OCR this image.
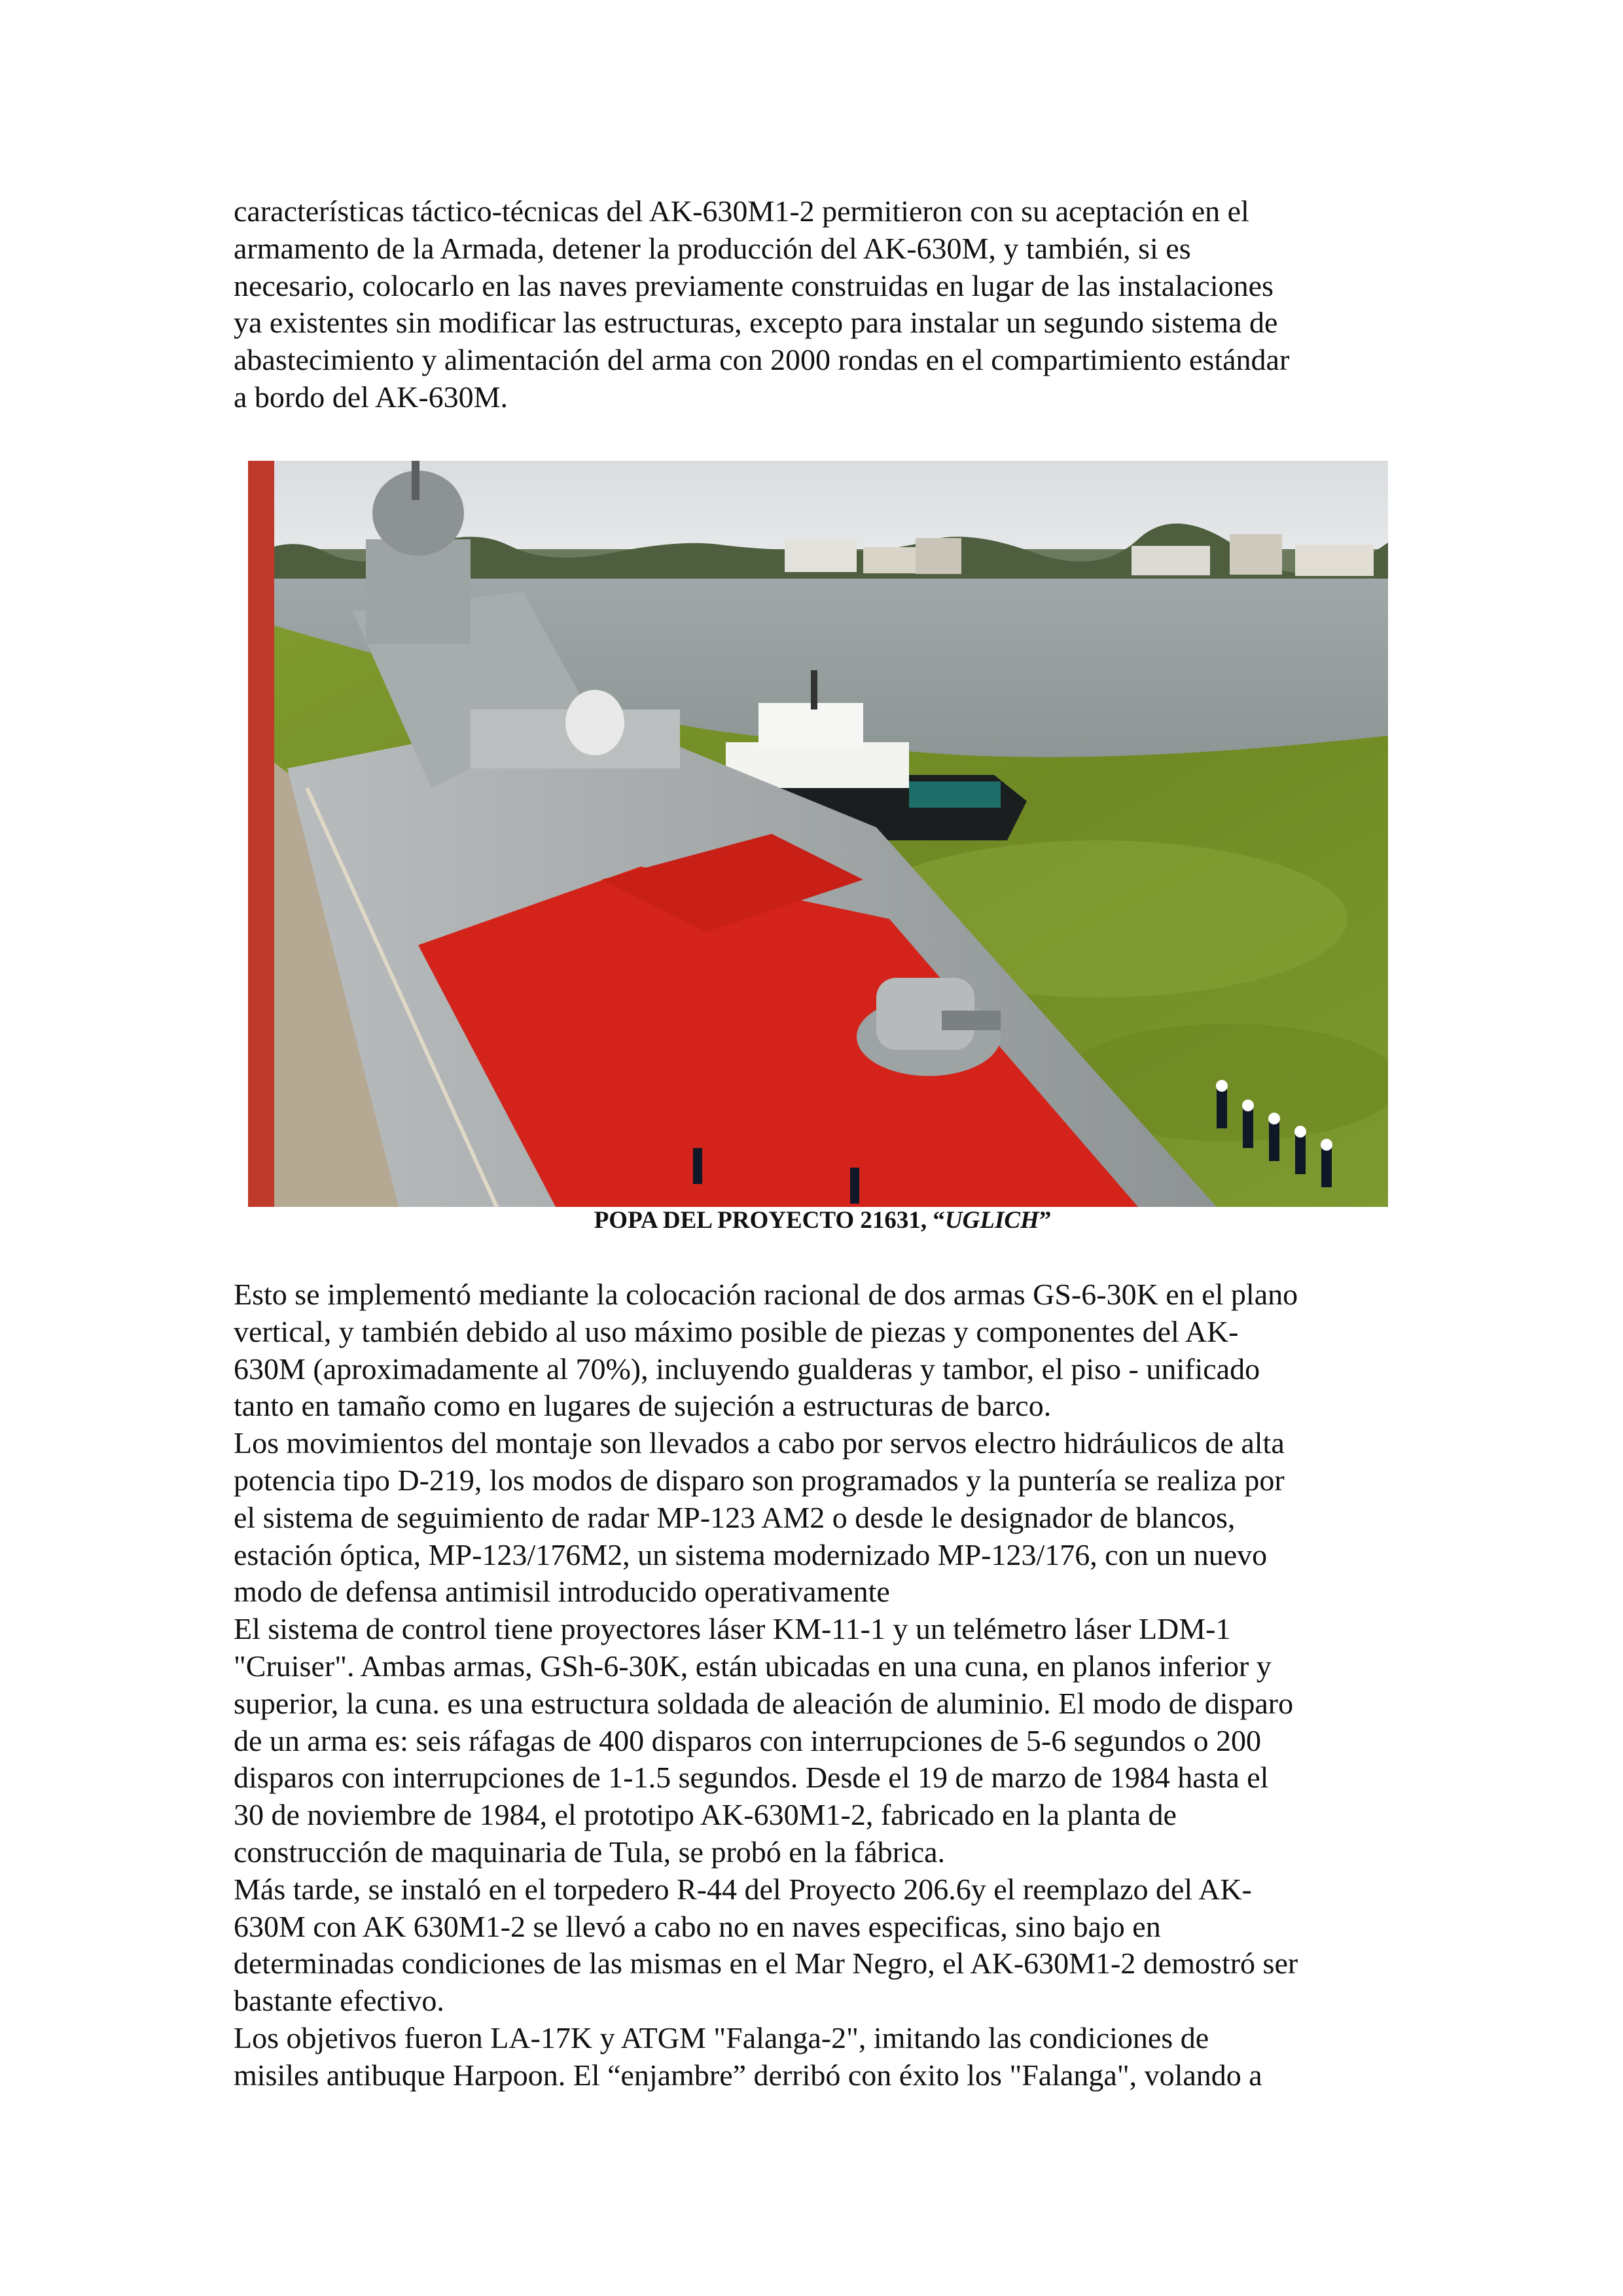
características táctico-técnicas del AK-630M1-2 permitieron con su aceptación en el
armamento de la Armada, detener la producción del AK-630M, y también, si es
necesario, colocarlo en las naves previamente construidas en lugar de las instalaciones
ya existentes sin modificar las estructuras, excepto para instalar un segundo sistema de
abastecimiento y alimentación del arma con 2000 rondas en el compartimiento estándar
a bordo del AK-630M.
POPA DEL PROYECTO 21631, “UGLICH”
Esto se implementó mediante la colocación racional de dos armas GS-6-30K en el plano
vertical, y también debido al uso máximo posible de piezas y componentes del AK-
630M (aproximadamente al 70%), incluyendo gualderas y tambor, el piso - unificado
tanto en tamaño como en lugares de sujeción a estructuras de barco.
Los movimientos del montaje son llevados a cabo por servos electro hidráulicos de alta
potencia tipo D-219, los modos de disparo son programados y la puntería se realiza por
el sistema de seguimiento de radar MP-123 AM2 o desde le designador de blancos,
estación óptica, MP-123/176M2, un sistema modernizado MP-123/176, con un nuevo
modo de defensa antimisil introducido operativamente
El sistema de control tiene proyectores láser KM-11-1 y un telémetro láser LDM-1
"Cruiser". Ambas armas, GSh-6-30K, están ubicadas en una cuna, en planos inferior y
superior, la cuna. es una estructura soldada de aleación de aluminio. El modo de disparo
de un arma es: seis ráfagas de 400 disparos con interrupciones de 5-6 segundos o 200
disparos con interrupciones de 1-1.5 segundos. Desde el 19 de marzo de 1984 hasta el
30 de noviembre de 1984, el prototipo AK-630M1-2, fabricado en la planta de
construcción de maquinaria de Tula, se probó en la fábrica.
Más tarde, se instaló en el torpedero R-44 del Proyecto 206.6y el reemplazo del AK-
630M con AK 630M1-2 se llevó a cabo no en naves especificas, sino bajo en
determinadas condiciones de las mismas en el Mar Negro, el AK-630M1-2 demostró ser
bastante efectivo.
Los objetivos fueron LA-17K y ATGM "Falanga-2", imitando las condiciones de
misiles antibuque Harpoon. El “enjambre” derribó con éxito los "Falanga", volando a
